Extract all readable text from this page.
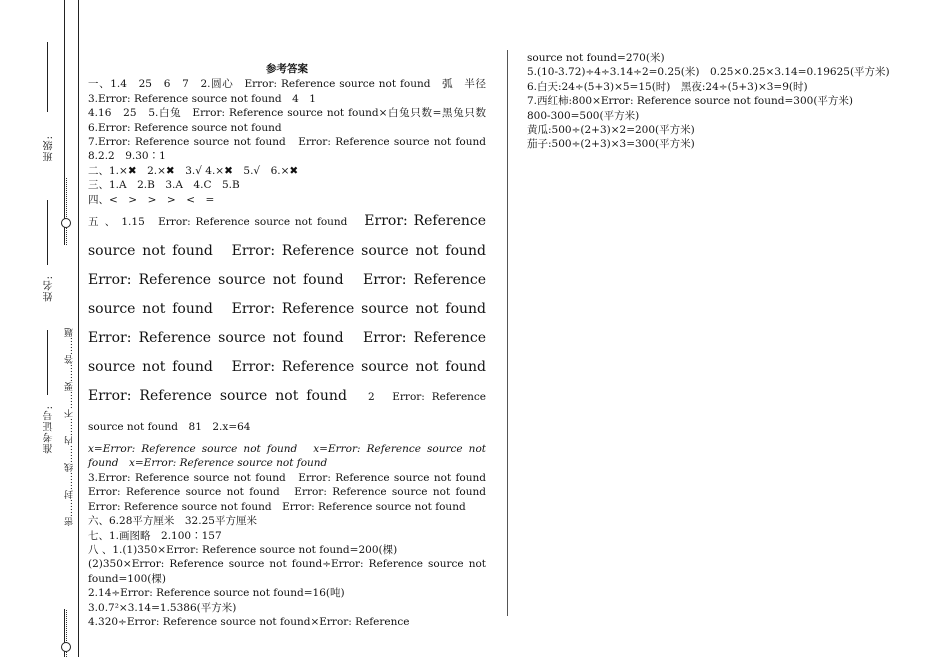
班级:
姓名:
准考证号: 密……封……线……内……不……要……答……题
参考答案

一、1.4　25　6　7　2.圆心　Error: Reference source not found　弧　半径　3.Error: Reference source not found　4　1

4.16　25　5.白兔　Error: Reference source not found×白兔只数=黑兔只数　6.Error: Reference source not found

7.Error: Reference source not found　Error: Reference source not found　8.2.2　9.30∶1

二、1.×✖　2.×✖　3.√ 4.×✖　5.√　6.×✖

三、1.A　2.B　3.A　4.C　5.B

四、<　>　>　>　<　=

五 、 1.15　Error: Reference source not found　 Error: Reference source not found　Error: Reference source not found　Error: Reference source not found　Error: Reference source not found　Error: Reference source not found　Error: Reference source not found　Error: Reference source not found　Error: Reference source not found　Error: Reference source not found　 2　Error: Reference source not found　81　2.x=64

x=Error: Reference source not found　x=Error: Reference source not found　x=Error: Reference source not found

3.Error: Reference source not found　Error: Reference source not found　Error: Reference source not found　Error: Reference source not found　Error: Reference source not found　Error: Reference source not found

六、6.28平方厘米　32.25平方厘米

七、1.画图略　2.100∶157

八 、1.(1)350×Error: Reference source not found=200(棵)

(2)350×Error: Reference source not found÷Error: Reference source not found=100(棵)

2.14÷Error: Reference source not found=16(吨)

3.0.7²×3.14=1.5386(平方米)

4.320÷Error: Reference source not found×Error: Reference

source not found=270(米)

5.(10-3.72)÷4÷3.14÷2=0.25(米)　0.25×0.25×3.14=0.19625(平方米)

6.白天:24÷(5+3)×5=15(时)　黑夜:24÷(5+3)×3=9(时)

7.西红柿:800×Error: Reference source not found=300(平方米)

800-300=500(平方米)

黄瓜:500÷(2+3)×2=200(平方米)

茄子:500÷(2+3)×3=300(平方米)
